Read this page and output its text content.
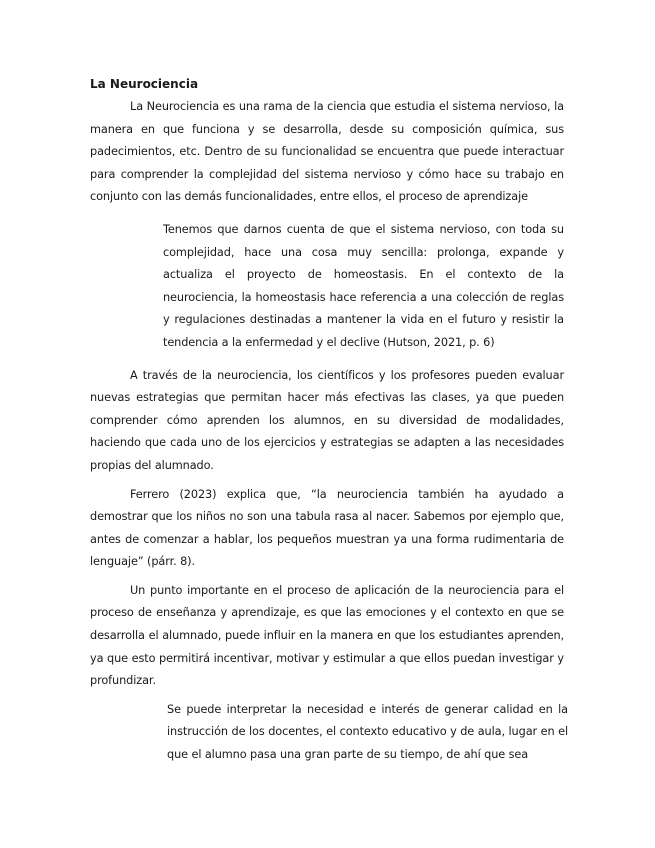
La Neurociencia

La Neurociencia es una rama de la ciencia que estudia el sistema nervioso, la manera en que funciona y se desarrolla, desde su composición química, sus padecimientos, etc. Dentro de su funcionalidad se encuentra que puede interactuar para comprender la complejidad del sistema nervioso y cómo hace su trabajo en conjunto con las demás funcionalidades, entre ellos, el proceso de aprendizaje

Tenemos que darnos cuenta de que el sistema nervioso, con toda su complejidad, hace una cosa muy sencilla: prolonga, expande y actualiza el proyecto de homeostasis. En el contexto de la neurociencia, la homeostasis hace referencia a una colección de reglas y regulaciones destinadas a mantener la vida en el futuro y resistir la tendencia a la enfermedad y el declive (Hutson, 2021, p. 6)

A través de la neurociencia, los científicos y los profesores pueden evaluar nuevas estrategias que permitan hacer más efectivas las clases, ya que pueden comprender cómo aprenden los alumnos, en su diversidad de modalidades, haciendo que cada uno de los ejercicios y estrategias se adapten a las necesidades propias del alumnado.

Ferrero (2023) explica que, “la neurociencia también ha ayudado a demostrar que los niños no son una tabula rasa al nacer. Sabemos por ejemplo que, antes de comenzar a hablar, los pequeños muestran ya una forma rudimentaria de lenguaje” (párr. 8).

Un punto importante en el proceso de aplicación de la neurociencia para el proceso de enseñanza y aprendizaje, es que las emociones y el contexto en que se desarrolla el alumnado, puede influir en la manera en que los estudiantes aprenden, ya que esto permitirá incentivar, motivar y estimular a que ellos puedan investigar y profundizar.

Se puede interpretar la necesidad e interés de generar calidad en la instrucción de los docentes, el contexto educativo y de aula, lugar en el que el alumno pasa una gran parte de su tiempo, de ahí que sea
